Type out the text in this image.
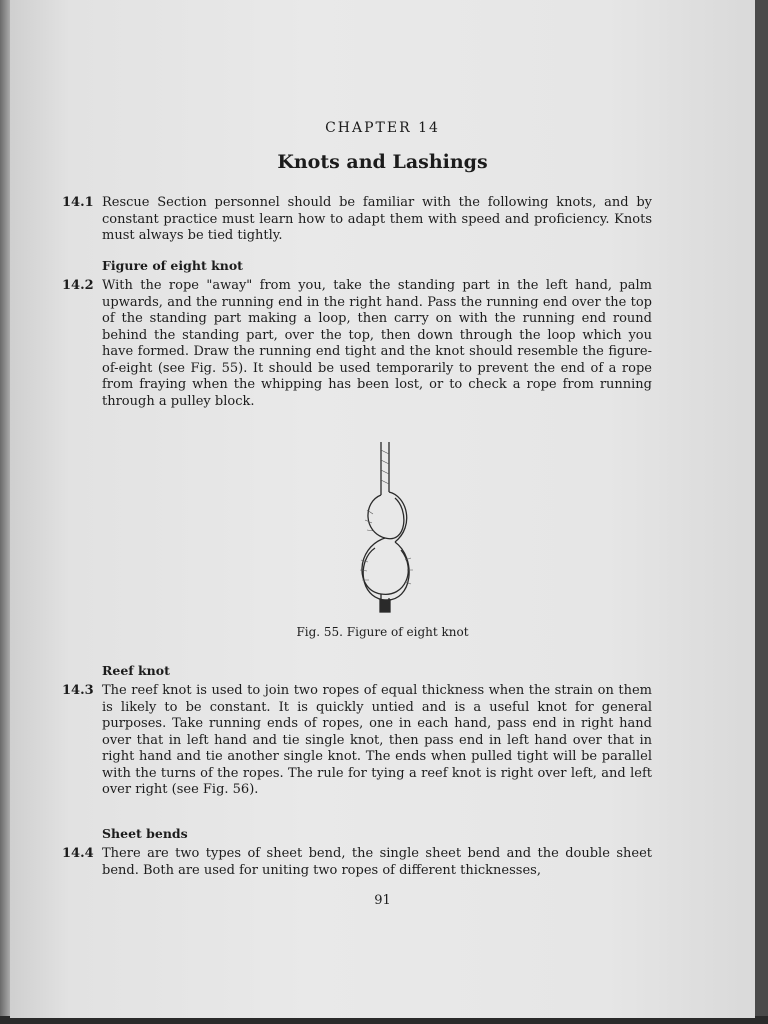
CHAPTER 14
Knots and Lashings
14.1 Rescue Section personnel should be familiar with the following knots, and by constant practice must learn how to adapt them with speed and proficiency. Knots must always be tied tightly.
Figure of eight knot
14.2 With the rope "away" from you, take the standing part in the left hand, palm upwards, and the running end in the right hand. Pass the running end over the top of the standing part making a loop, then carry on with the running end round behind the standing part, over the top, then down through the loop which you have formed. Draw the running end tight and the knot should resemble the figure-of-eight (see Fig. 55). It should be used temporarily to prevent the end of a rope from fraying when the whipping has been lost, or to check a rope from running through a pulley block.
Fig. 55. Figure of eight knot
Reef knot
14.3 The reef knot is used to join two ropes of equal thickness when the strain on them is likely to be constant. It is quickly untied and is a useful knot for general purposes. Take running ends of ropes, one in each hand, pass end in right hand over that in left hand and tie single knot, then pass end in left hand over that in right hand and tie another single knot. The ends when pulled tight will be parallel with the turns of the ropes. The rule for tying a reef knot is right over left, and left over right (see Fig. 56).
Sheet bends
14.4 There are two types of sheet bend, the single sheet bend and the double sheet bend. Both are used for uniting two ropes of different thicknesses,
91
